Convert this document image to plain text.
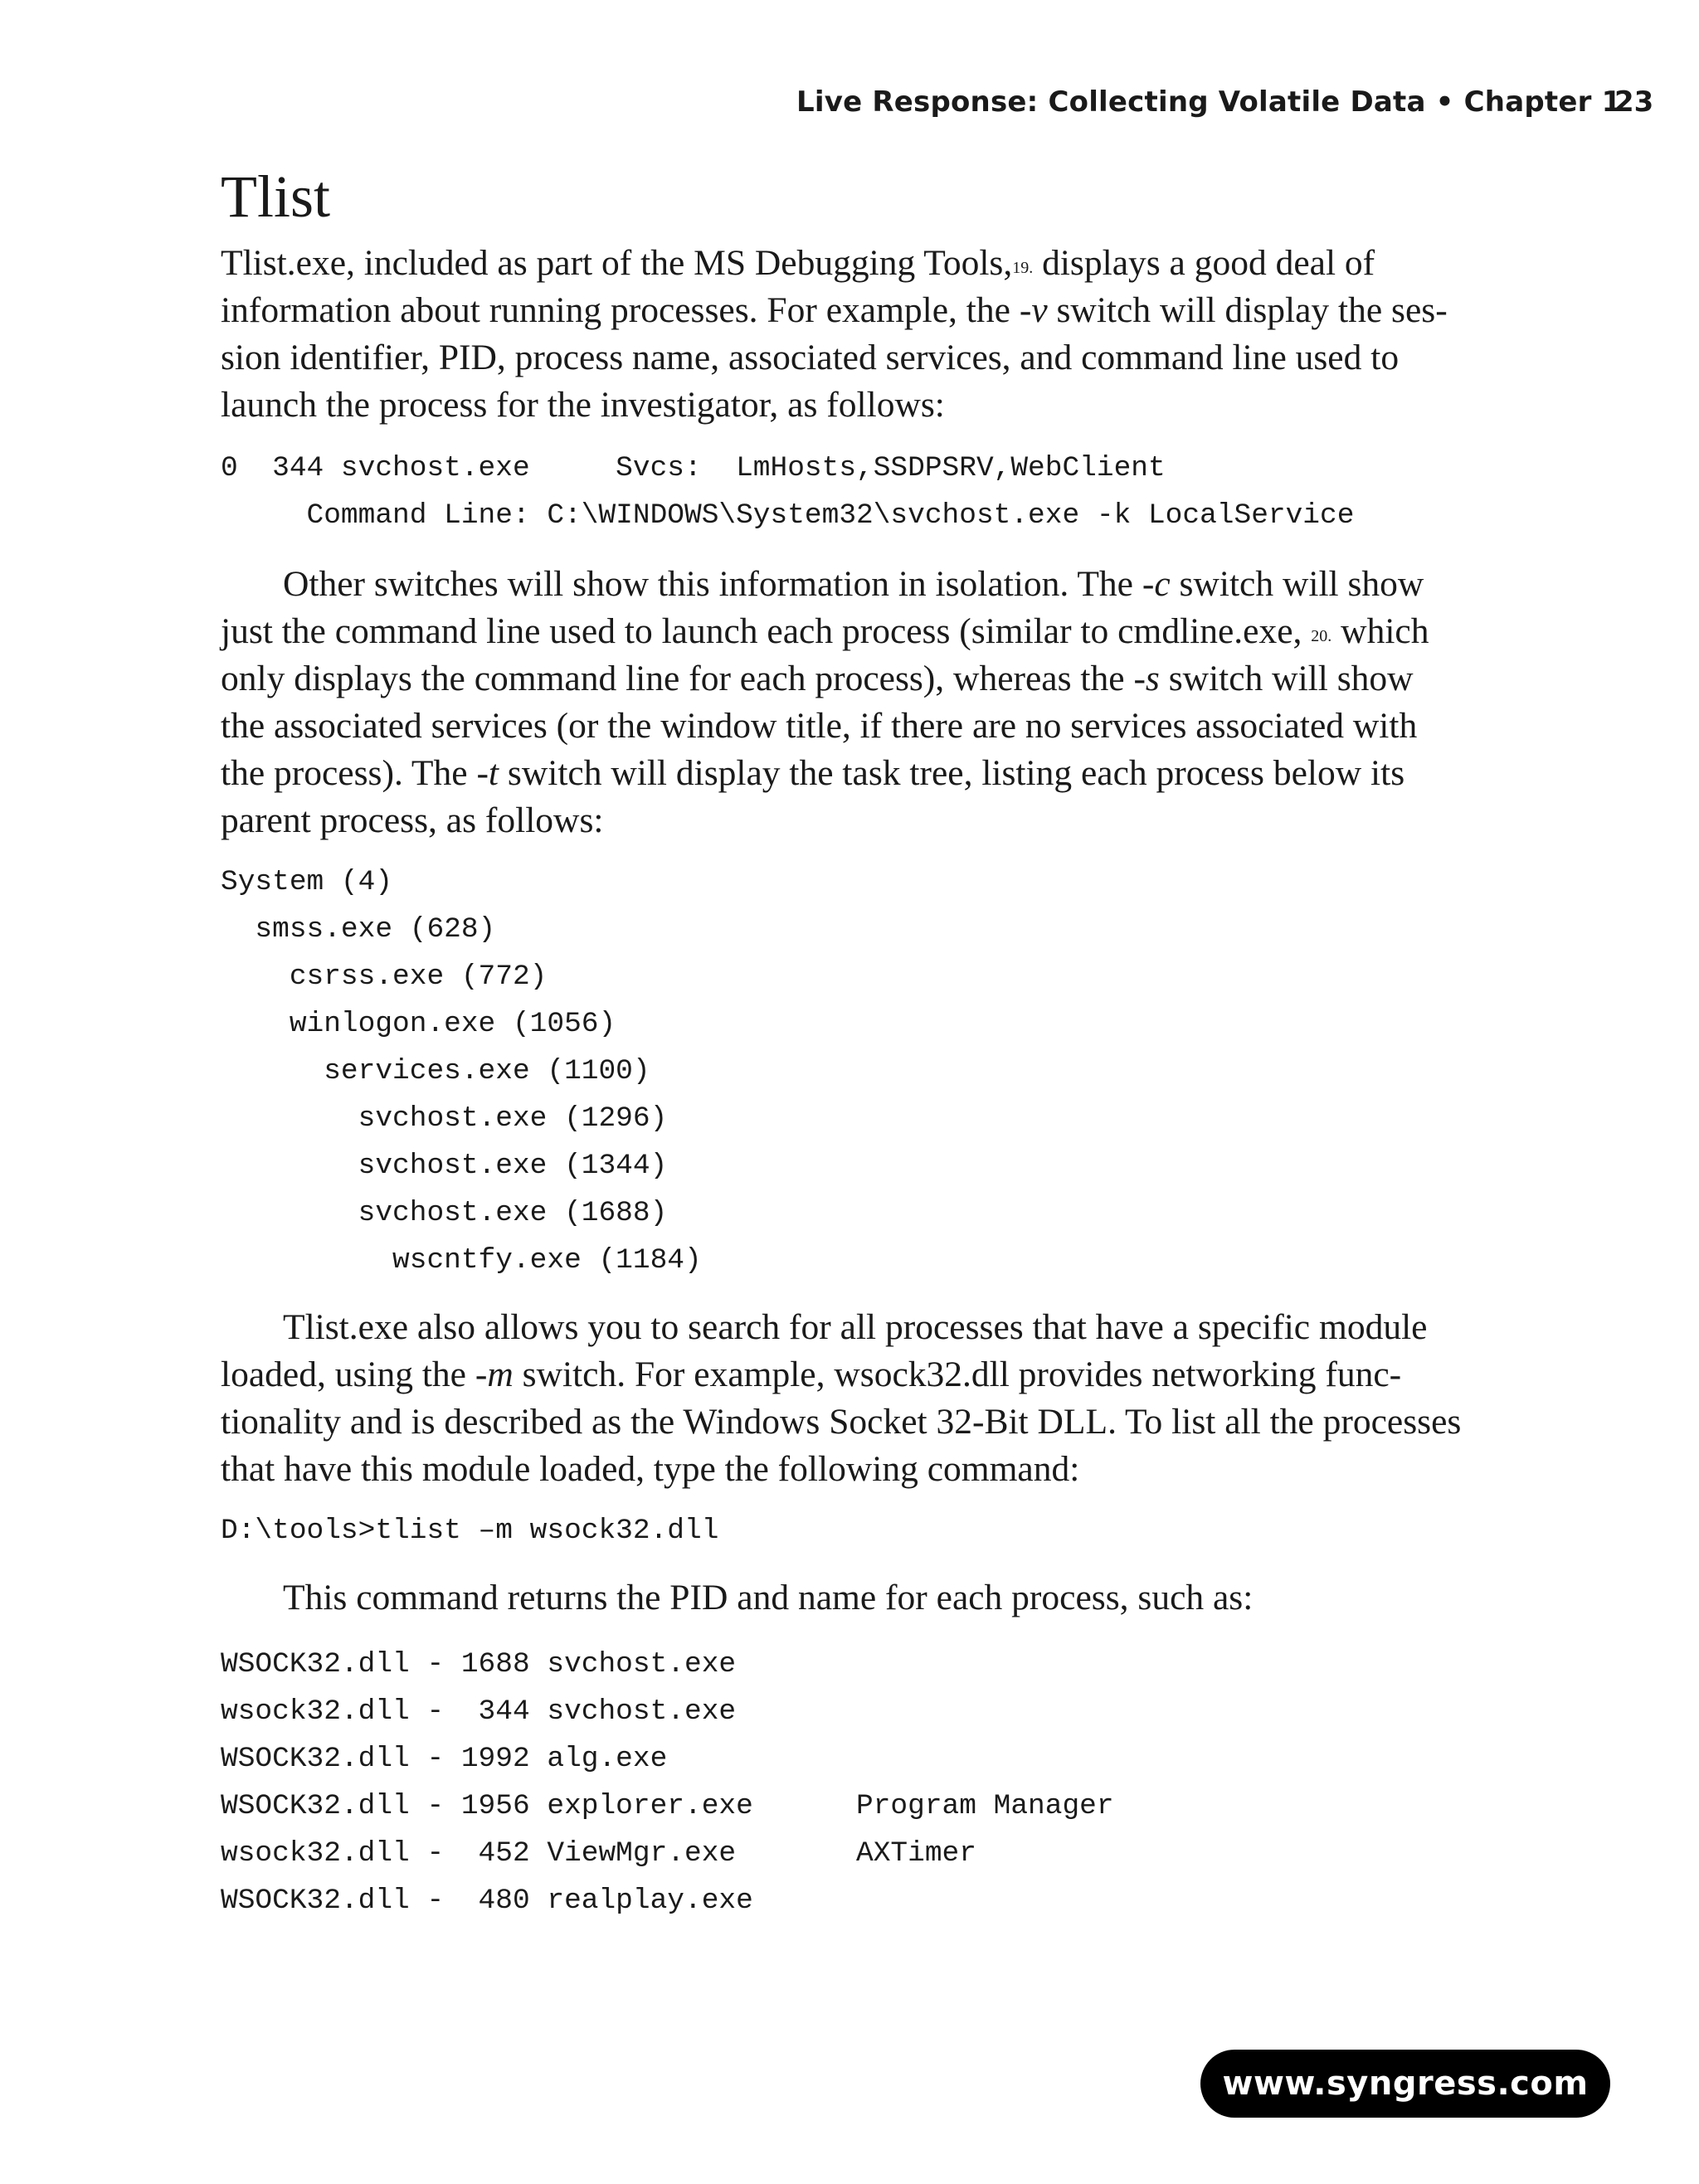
Live Response: Collecting Volatile Data • Chapter 1
23
Tlist

Tlist.exe, included as part of the MS Debugging Tools,$^{19.}$ displays a good deal of
information about running processes. For example, the -v switch will display the ses-
sion identifier, PID, process name, associated services, and command line used to
launch the process for the investigator, as follows:

0  344 svchost.exe     Svcs:  LmHosts,SSDPSRV,WebClient
Command Line: C:\WINDOWS\System32\svchost.exe -k LocalService

Other switches will show this information in isolation. The -c switch will show
just the command line used to launch each process (similar to cmdline.exe, $^{20.}$ which
only displays the command line for each process), whereas the -s switch will show
the associated services (or the window title, if there are no services associated with
the process). The -t switch will display the task tree, listing each process below its
parent process, as follows:

System (4)
smss.exe (628)
csrss.exe (772)
winlogon.exe (1056)
services.exe (1100)
svchost.exe (1296)
svchost.exe (1344)
svchost.exe (1688)
wscntfy.exe (1184)

Tlist.exe also allows you to search for all processes that have a specific module
loaded, using the -m switch. For example, wsock32.dll provides networking func-
tionality and is described as the Windows Socket 32-Bit DLL. To list all the processes
that have this module loaded, type the following command:

D:\tools>tlist –m wsock32.dll

This command returns the PID and name for each process, such as:

WSOCK32.dll - 1688 svchost.exe
wsock32.dll -  344 svchost.exe
WSOCK32.dll - 1992 alg.exe
WSOCK32.dll - 1956 explorer.exe      Program Manager
wsock32.dll -  452 ViewMgr.exe       AXTimer
WSOCK32.dll -  480 realplay.exe
www.syngress.com
